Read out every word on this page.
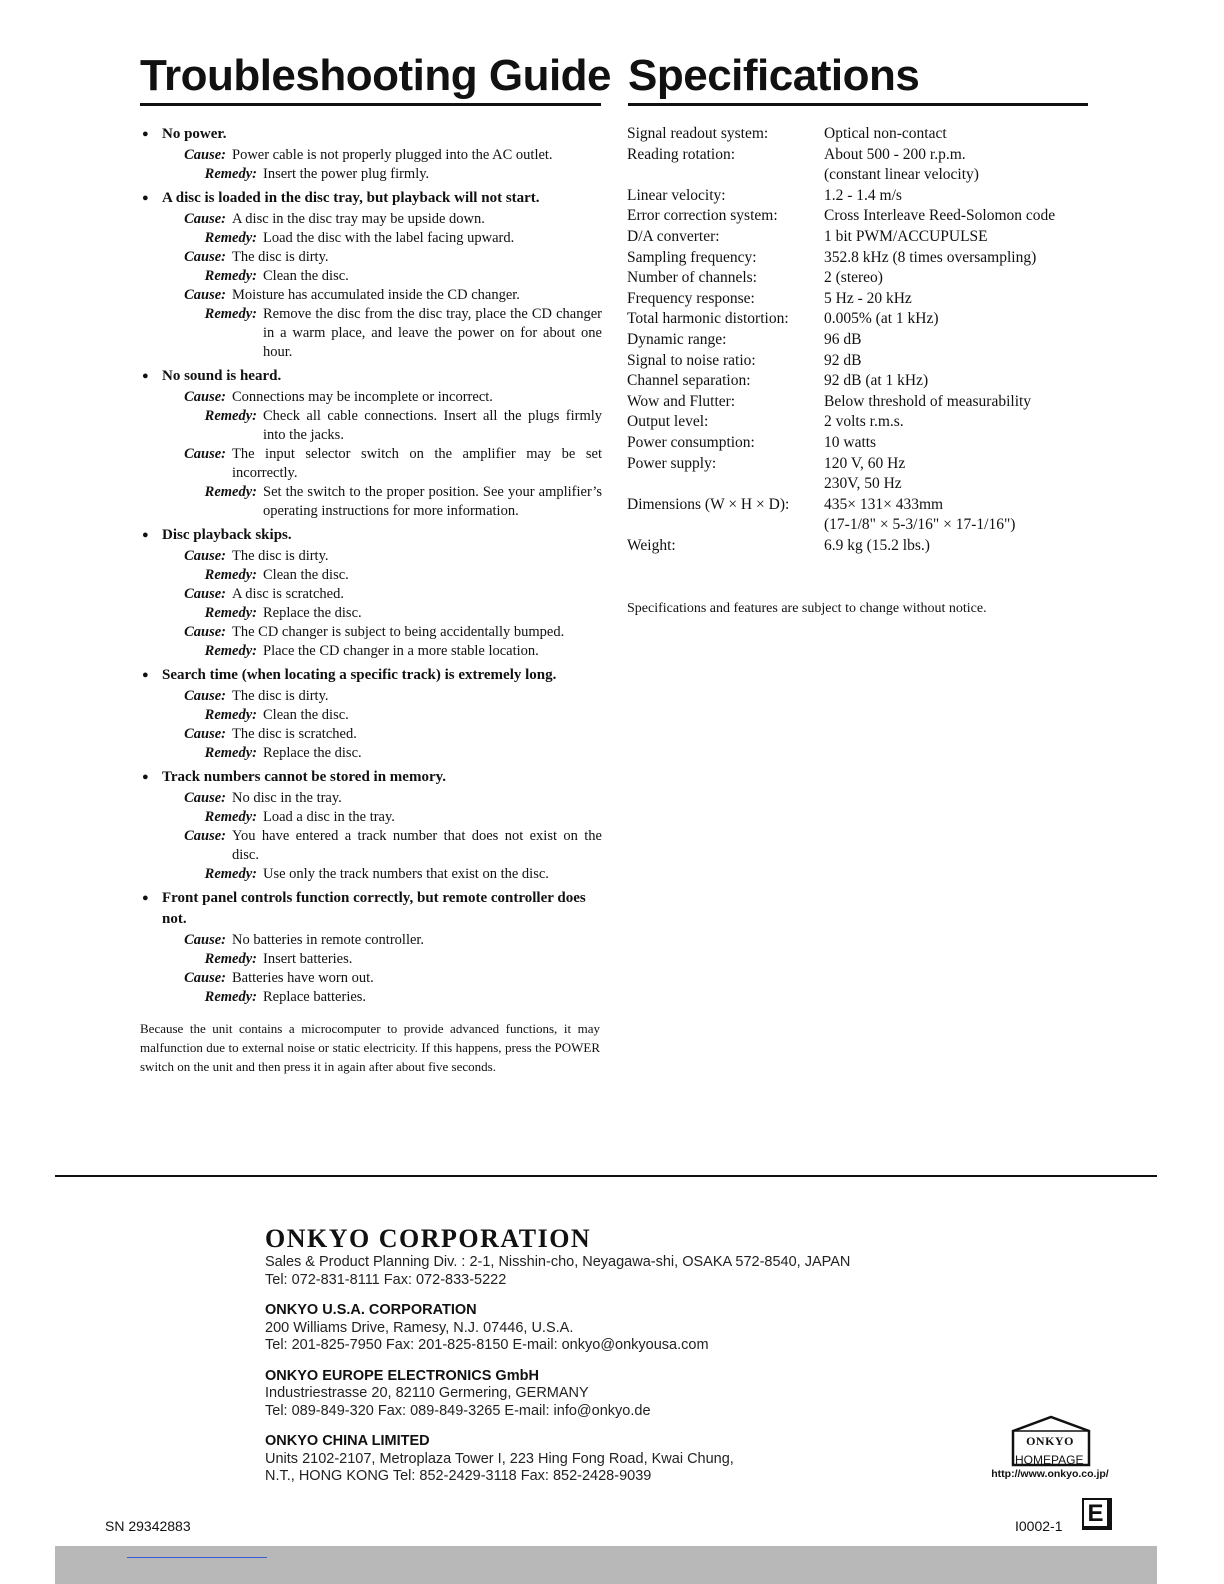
Troubleshooting Guide Specifications
● No power.
Cause: Power cable is not properly plugged into the AC outlet.
Remedy: Insert the power plug firmly.
● A disc is loaded in the disc tray, but playback will not start.
Cause: A disc in the disc tray may be upside down.
Remedy: Load the disc with the label facing upward.
Cause: The disc is dirty.
Remedy: Clean the disc.
Cause: Moisture has accumulated inside the CD changer.
Remedy: Remove the disc from the disc tray, place the CD changer in a warm place, and leave the power on for about one hour.
● No sound is heard.
Cause: Connections may be incomplete or incorrect.
Remedy: Check all cable connections. Insert all the plugs firmly into the jacks.
Cause: The input selector switch on the amplifier may be set incorrectly.
Remedy: Set the switch to the proper position. See your amplifier’s operating instructions for more information.
● Disc playback skips.
Cause: The disc is dirty.
Remedy: Clean the disc.
Cause: A disc is scratched.
Remedy: Replace the disc.
Cause: The CD changer is subject to being accidentally bumped.
Remedy: Place the CD changer in a more stable location.
● Search time (when locating a specific track) is extremely long.
Cause: The disc is dirty.
Remedy: Clean the disc.
Cause: The disc is scratched.
Remedy: Replace the disc.
● Track numbers cannot be stored in memory.
Cause: No disc in the tray.
Remedy: Load a disc in the tray.
Cause: You have entered a track number that does not exist on the disc.
Remedy: Use only the track numbers that exist on the disc.
● Front panel controls function correctly, but remote controller does not.
Cause: No batteries in remote controller.
Remedy: Insert batteries.
Cause: Batteries have worn out.
Remedy: Replace batteries.
Because the unit contains a microcomputer to provide advanced functions, it may malfunction due to external noise or static electricity. If this happens, press the POWER switch on the unit and then press it in again after about five seconds.
Signal readout system:	Optical non-contact
Reading rotation:	About 500 - 200 r.p.m.
	(constant linear velocity)
Linear velocity:	1.2 - 1.4 m/s
Error correction system:	Cross Interleave Reed-Solomon code
D/A converter:	1 bit PWM/ACCUPULSE
Sampling frequency:	352.8 kHz (8 times oversampling)
Number of channels:	2 (stereo)
Frequency response:	5 Hz - 20 kHz
Total harmonic distortion:	0.005% (at 1 kHz)
Dynamic range:	96 dB
Signal to noise ratio:	92 dB
Channel separation:	92 dB (at 1 kHz)
Wow and Flutter:	Below threshold of measurability
Output level:	2 volts r.m.s.
Power consumption:	10 watts
Power supply:	120 V, 60 Hz
	230V, 50 Hz
Dimensions (W × H × D):	435× 131× 433mm
	(17-1/8" × 5-3/16" × 17-1/16")
Weight:	6.9 kg (15.2 lbs.)
Specifications and features are subject to change without notice.
ONKYO CORPORATION
Sales & Product Planning Div. : 2-1, Nisshin-cho, Neyagawa-shi, OSAKA 572-8540, JAPAN
Tel: 072-831-8111 Fax: 072-833-5222
ONKYO U.S.A. CORPORATION
200 Williams Drive, Ramesy, N.J. 07446, U.S.A.
Tel: 201-825-7950 Fax: 201-825-8150 E-mail: onkyo@onkyousa.com
ONKYO EUROPE ELECTRONICS GmbH
Industriestrasse 20, 82110 Germering, GERMANY
Tel: 089-849-320 Fax: 089-849-3265 E-mail: info@onkyo.de
ONKYO CHINA LIMITED
Units 2102-2107, Metroplaza Tower I, 223 Hing Fong Road, Kwai Chung,
N.T., HONG KONG Tel: 852-2429-3118 Fax: 852-2428-9039
ONKYO
HOMEPAGE
http://www.onkyo.co.jp/
SN 29342883	I0002-1 E
